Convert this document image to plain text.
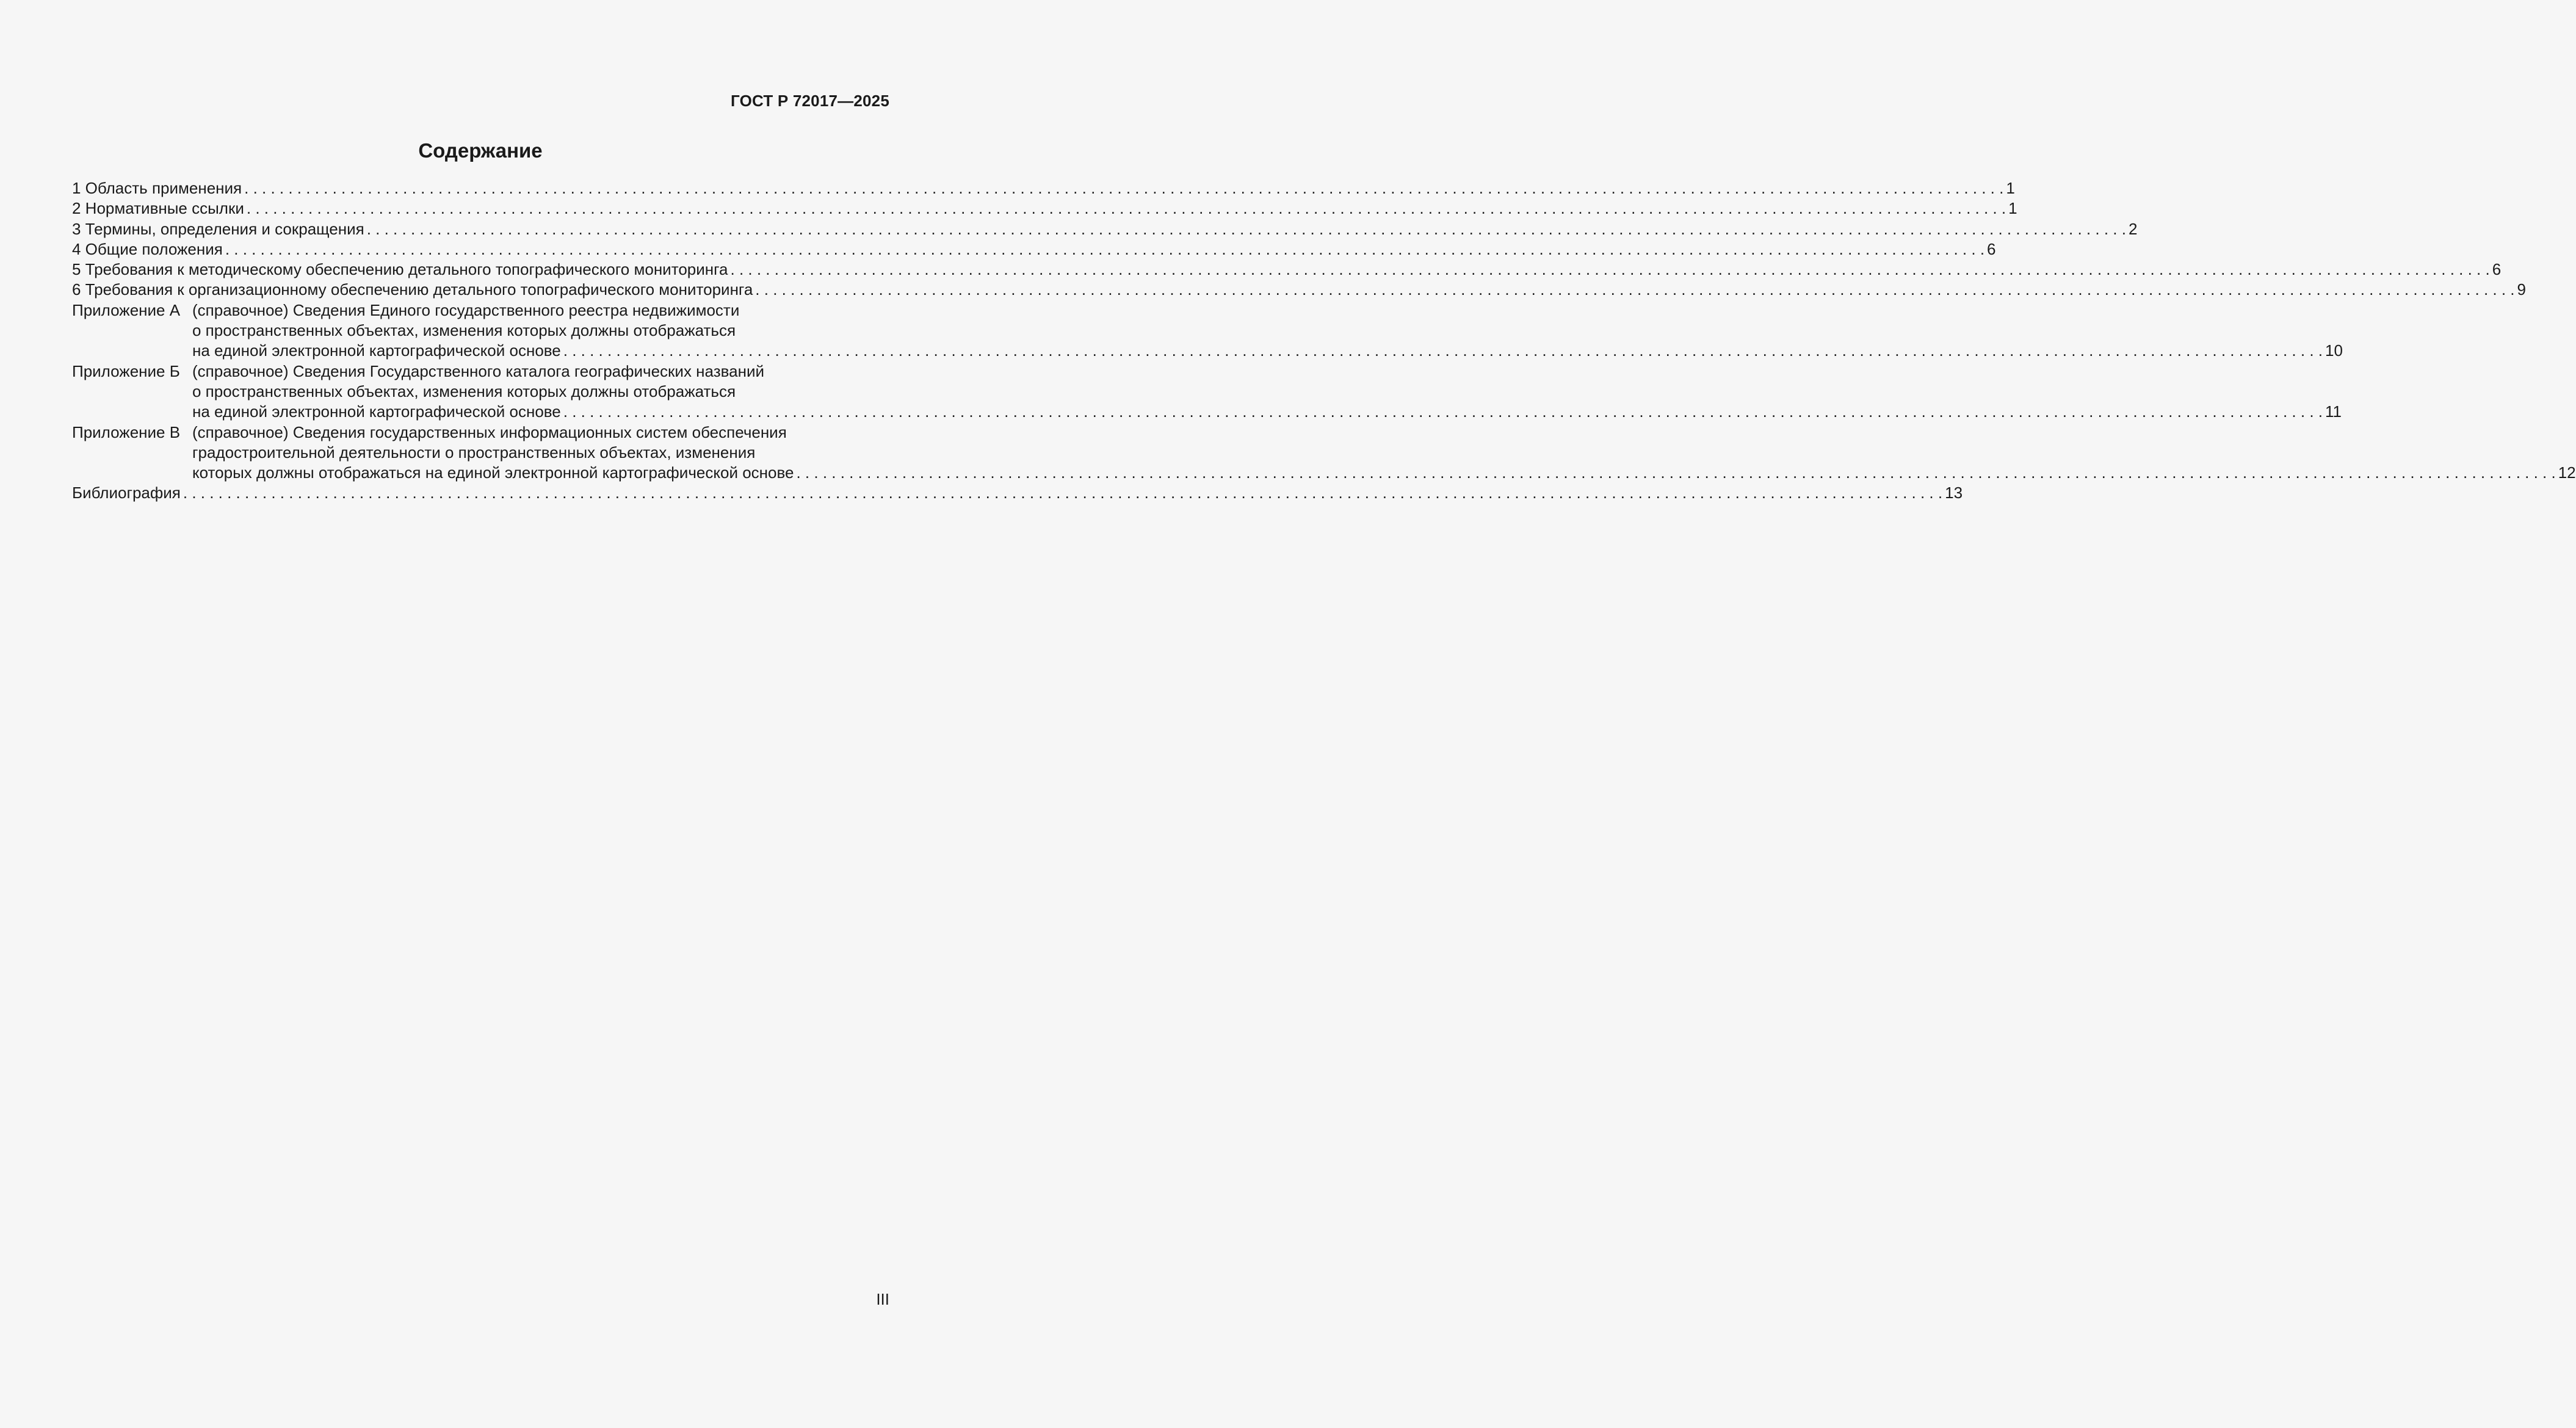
ГОСТ Р 72017—2025
Содержание
1 Область применения . . . . . . . . . . . . . . . . . . . . . . . . . . . . . . . . . . . . . . . . . . . . . . . . . . . . . . . . . . . . . . . . . . . . . . . . . . . . . . . . . . . . . . . . . . . . . . . . . . . . . . . . . . . . . . . . . . . . . . . . . . . . . . . . . . . . . . . . . . . . . . . . . . . . . . . . . . . . . . . . . . . . . . . . . . . . . . . . . . . . . . . . . . . . . . . . . . . . . . . . 1
2 Нормативные ссылки . . . . . . . . . . . . . . . . . . . . . . . . . . . . . . . . . . . . . . . . . . . . . . . . . . . . . . . . . . . . . . . . . . . . . . . . . . . . . . . . . . . . . . . . . . . . . . . . . . . . . . . . . . . . . . . . . . . . . . . . . . . . . . . . . . . . . . . . . . . . . . . . . . . . . . . . . . . . . . . . . . . . . . . . . . . . . . . . . . . . . . . . . . . . . . . . . . . . . . . . 1
3 Термины, определения и сокращения . . . . . . . . . . . . . . . . . . . . . . . . . . . . . . . . . . . . . . . . . . . . . . . . . . . . . . . . . . . . . . . . . . . . . . . . . . . . . . . . . . . . . . . . . . . . . . . . . . . . . . . . . . . . . . . . . . . . . . . . . . . . . . . . . . . . . . . . . . . . . . . . . . . . . . . . . . . . . . . . . . . . . . . . . . . . . . . . . . . . . . . . . . . . . . . . . . . . . . . . 2
4 Общие положения . . . . . . . . . . . . . . . . . . . . . . . . . . . . . . . . . . . . . . . . . . . . . . . . . . . . . . . . . . . . . . . . . . . . . . . . . . . . . . . . . . . . . . . . . . . . . . . . . . . . . . . . . . . . . . . . . . . . . . . . . . . . . . . . . . . . . . . . . . . . . . . . . . . . . . . . . . . . . . . . . . . . . . . . . . . . . . . . . . . . . . . . . . . . . . . . . . . . . . . . 6
5 Требования к методическому обеспечению детального топографического мониторинга . . . . . . . . . . . . . . . . . . . . . . . . . . . . . . . . . . . . . . . . . . . . . . . . . . . . . . . . . . . . . . . . . . . . . . . . . . . . . . . . . . . . . . . . . . . . . . . . . . . . . . . . . . . . . . . . . . . . . . . . . . . . . . . . . . . . . . . . . . . . . . . . . . . . . . . . . . . . . . . . . . . . . . . . . . . . . . . . . . . . . . . . . . . . . . . . . . . . . . . . 6
6 Требования к организационному обеспечению детального топографического мониторинга . . . . . . . . . . . . . . . . . . . . . . . . . . . . . . . . . . . . . . . . . . . . . . . . . . . . . . . . . . . . . . . . . . . . . . . . . . . . . . . . . . . . . . . . . . . . . . . . . . . . . . . . . . . . . . . . . . . . . . . . . . . . . . . . . . . . . . . . . . . . . . . . . . . . . . . . . . . . . . . . . . . . . . . . . . . . . . . . . . . . . . . . . . . . . . . . . . . . . . . . 9
Приложение А (справочное) Сведения Единого государственного реестра недвижимости
о пространственных объектах, изменения которых должны отображаться
на единой электронной картографической основе . . . . . . . . . . . . . . . . . . . . . . . . . . . . . . . . . . . . . . . . . . . . . . . . . . . . . . . . . . . . . . . . . . . . . . . . . . . . . . . . . . . . . . . . . . . . . . . . . . . . . . . . . . . . . . . . . . . . . . . . . . . . . . . . . . . . . . . . . . . . . . . . . . . . . . . . . . . . . . . . . . . . . . . . . . . . . . . . . . . . . . . . . . . . . . . . . . . . . . . . 10
Приложение Б (справочное) Сведения Государственного каталога географических названий
о пространственных объектах, изменения которых должны отображаться
на единой электронной картографической основе . . . . . . . . . . . . . . . . . . . . . . . . . . . . . . . . . . . . . . . . . . . . . . . . . . . . . . . . . . . . . . . . . . . . . . . . . . . . . . . . . . . . . . . . . . . . . . . . . . . . . . . . . . . . . . . . . . . . . . . . . . . . . . . . . . . . . . . . . . . . . . . . . . . . . . . . . . . . . . . . . . . . . . . . . . . . . . . . . . . . . . . . . . . . . . . . . . . . . . . . 11
Приложение В (справочное) Сведения государственных информационных систем обеспечения
градостроительной деятельности о пространственных объектах, изменения
которых должны отображаться на единой электронной картографической основе . . . . . . . . . . . . . . . . . . . . . . . . . . . . . . . . . . . . . . . . . . . . . . . . . . . . . . . . . . . . . . . . . . . . . . . . . . . . . . . . . . . . . . . . . . . . . . . . . . . . . . . . . . . . . . . . . . . . . . . . . . . . . . . . . . . . . . . . . . . . . . . . . . . . . . . . . . . . . . . . . . . . . . . . . . . . . . . . . . . . . . . . . . . . . . . . . . . . . . . . 12
Библиография . . . . . . . . . . . . . . . . . . . . . . . . . . . . . . . . . . . . . . . . . . . . . . . . . . . . . . . . . . . . . . . . . . . . . . . . . . . . . . . . . . . . . . . . . . . . . . . . . . . . . . . . . . . . . . . . . . . . . . . . . . . . . . . . . . . . . . . . . . . . . . . . . . . . . . . . . . . . . . . . . . . . . . . . . . . . . . . . . . . . . . . . . . . . . . . . . . . . . . . . 13
III
